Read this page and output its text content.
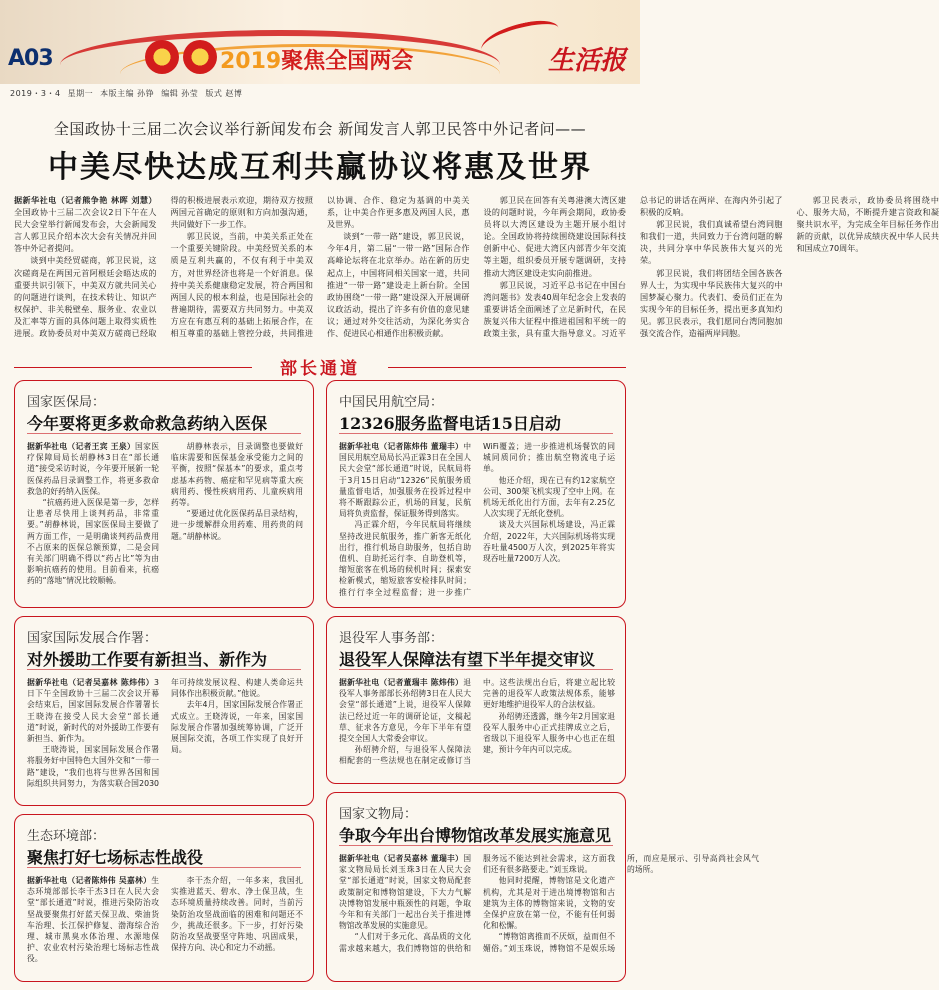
A03	★	★ 2019聚焦全国两会	生活报
2019・3・4 星期一 本版主编 孙铮 编辑 孙莹 版式 赵博
全国政协十三届二次会议举行新闻发布会 新闻发言人郭卫民答中外记者问——
中美尽快达成互利共赢协议将惠及世界

据新华社电（记者熊争艳 林晖 刘慧）全国政协十三届二次会议2日下午在人民大会堂举行新闻发布会，大会新闻发言人郭卫民介绍本次大会有关情况并回答中外记者提问。

谈到中美经贸磋商，郭卫民说，这次磋商是在两国元首阿根廷会晤达成的重要共识引领下，中美双方就共同关心的问题进行谈判，在技术转让、知识产权保护、非关税壁垒、服务业、农业以及汇率等方面的具体问题上取得实质性进展。政协委员对中美双方磋商已经取得的积极进展表示欢迎，期待双方按照两国元首确定的原则和方向加强沟通，共同做好下一步工作。

郭卫民说，当前，中美关系正处在一个重要关键阶段。中美经贸关系的本质是互利共赢的，不仅有利于中美双方，对世界经济也将是一个好消息。保持中美关系健康稳定发展，符合两国和两国人民的根本利益，也是国际社会的普遍期待，需要双方共同努力。中美双方应在有惠互利的基础上拓展合作，在相互尊重的基础上管控分歧，共同推进以协调、合作、稳定为基调的中美关系，让中美合作更多惠及两国人民，惠及世界。

谈到“一带一路”建设，郭卫民说，今年4月，第二届“一带一路”国际合作高峰论坛将在北京举办。站在新的历史起点上，中国将同相关国家一道，共同推进“一带一路”建设走上新台阶。全国政协围绕“一带一路”建设深入开展调研议政活动，提出了许多有价值的意见建议；通过对外交往活动，为深化务实合作、促进民心相通作出积极贡献。

郭卫民在回答有关粤港澳大湾区建设的问题时说，今年两会期间，政协委员将以大湾区建设为主题开展小组讨论。全国政协将持续围绕建设国际科技创新中心、促进大湾区内部青少年交流等主题，组织委员开展专题调研，支持推动大湾区建设走实向前推进。

郭卫民说，习近平总书记在中国台湾问题书》发表40周年纪念会上发表的重要讲话全面阐述了立足新时代，在民族复兴伟大征程中推进祖国和平统一的政策主张，具有重大指导意义。习近平总书记的讲话在两岸、在海内外引起了积极的反响。

郭卫民说，我们真诚希望台湾同胞和我们一道，共同致力于台湾问题的解决，共同分享中华民族伟大复兴的光荣。

郭卫民说，我们将团结全国各族各界人士，为实现中华民族伟大复兴的中国梦凝心聚力。代表们、委员们正在为实现今年的目标任务，提出更多真知灼见。郭卫民表示，我们愿同台湾同胞加强交流合作，造福两岸同胞。

郭卫民表示，政协委员将围绕中心、服务大局，不断提升建言资政和凝聚共识水平，为完成全年目标任务作出新的贡献，以优异成绩庆祝中华人民共和国成立70周年。

部长通道
国家医保局：
今年要将更多救命救急药纳入医保

据新华社电（记者王宾 王泉）国家医疗保障局局长胡静林3日在“部长通道”接受采访时说，今年要开展新一轮医保药品目录调整工作，将更多救命救急的好药纳入医保。

“抗癌药进入医保是第一步，怎样让患者尽快用上谈判药品，非常重要。”胡静林说，国家医保局主要做了两方面工作，一是明确谈判药品费用不占原来的医保总额预算，二是会同有关部门明确不得以“药占比”等为由影响抗癌药的使用。目前看来，抗癌药的“落地”情况比较顺畅。

胡静林表示，目录调整也要做好临床需要和医保基金承受能力之间的平衡，按照“保基本”的要求，重点考虑基本药物、癌症和罕见病等重大疾病用药、慢性疾病用药、儿童疾病用药等。

“要通过优化医保药品目录结构，进一步缓解群众用药难、用药贵的问题。”胡静林说。

中国民用航空局：
12326服务监督电话15日启动

据新华社电（记者陈炜伟 董瑞丰）中国民用航空局局长冯正霖3日在全国人民大会堂“部长通道”时说，民航局将于3月15日启动“12326”民航服务质量监督电话，加强服务在投诉过程中将不断跟踪公正，机场的回复，民航局将负责监督，保证服务得到落实。

冯正霖介绍，今年民航局将继续坚持改进民航服务，推广新客无纸化出行，推行机场自助服务，包括自助值机、自助托运行李、自助登机等，缩短旅客在机场的候机时间；探索安检新模式，缩短旅客安检排队时间；推行行李全过程监督；进一步推广WiFi覆盖；进一步推进机场餐饮的同城同质同价；推出航空物流电子运单。

他还介绍，现在已有约12家航空公司、300架飞机实现了空中上网。在机场无纸化出行方面，去年有2.25亿人次实现了无纸化登机。

谈及大兴国际机场建设，冯正霖介绍，2022年，大兴国际机场将实现吞吐量4500万人次，到2025年将实现吞吐量7200万人次。

国家国际发展合作署：
对外援助工作要有新担当、新作为

据新华社电（记者吴嘉林 陈炜伟）3日下午全国政协十三届二次会议开幕会结束后，国家国际发展合作署署长王晓涛在接受人民大会堂“部长通道”时说，新时代的对外援助工作要有新担当、新作为。

王晓涛说，国家国际发展合作署将服务好中国特色大国外交和“一带一路”建设，“我们也将与世界各国和国际组织共同努力，为落实联合国2030年可持续发展议程、构建人类命运共同体作出积极贡献。”他说。

去年4月，国家国际发展合作署正式成立。王晓涛说，一年来，国家国际发展合作署加强统筹协调，广泛开展国际交流，各项工作实现了良好开局。

退役军人事务部：
退役军人保障法有望下半年提交审议

据新华社电（记者董瑞丰 陈炜伟）退役军人事务部部长孙绍骋3日在人民大会堂“部长通道”上说，退役军人保障法已经过近一年的调研论证，文稿起草、征求各方意见，今年下半年有望提交全国人大常委会审议。

孙绍骋介绍，与退役军人保障法相配套的一些法规也在制定或修订当中。这些法规出台后，将建立起比较完善的退役军人政策法规体系，能够更好地维护退役军人的合法权益。

孙绍骋还透露，继今年2月国家退役军人服务中心正式挂牌成立之后，省级以下退役军人服务中心也正在组建，预计今年内可以完成。

生态环境部：
聚焦打好七场标志性战役

据新华社电（记者陈炜伟 吴嘉林）生态环境部部长李干杰3日在人民大会堂“部长通道”时说，推进污染防治攻坚战要聚焦打好蓝天保卫战、柴油货车治理、长江保护修复、渤海综合治理、城市黑臭水体治理、水源地保护、农业农村污染治理七场标志性战役。

李干杰介绍，一年多来，我国扎实推进蓝天、碧水、净土保卫战，生态环境质量持续改善。同时，当前污染防治攻坚战面临的困难和问题还不少，挑战还很多。下一步，打好污染防治攻坚战要坚守阵地、巩固成果，保持方向、决心和定力不动摇。

国家文物局：
争取今年出台博物馆改革发展实施意见

据新华社电（记者吴嘉林 董瑞丰）国家文物局局长刘玉珠3日在人民大会堂“部长通道”时说，国家文物局配套政策制定和博物馆建设，下大力气解决博物馆发展中瓶颈性的问题，争取今年和有关部门一起出台关于推进博物馆改革发展的实施意见。

“人们对于多元化、高品质的文化需求越来越大，我们博物馆的供给和服务远不能达到社会需求，这方面我们还有很多路要走。”刘玉珠说。

他同时提醒，博物馆是文化遗产机构，尤其是对于进出境博物馆和古建筑为主体的博物馆来说，文物的安全保护应放在第一位，不能有任何弱化和松懈。

“博物馆离推而不厌烦，益而但不媚俗。”刘玉珠说，博物馆不是娱乐场所，而应是展示、引导高尚社会风气的场所。
